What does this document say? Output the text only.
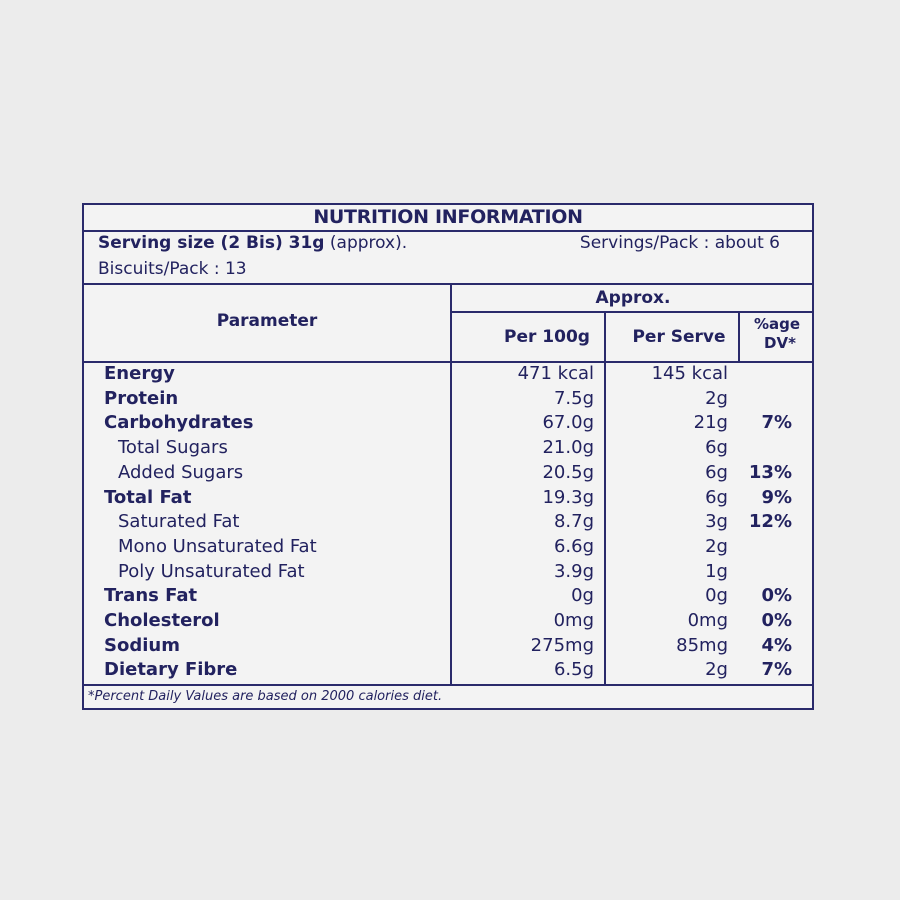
NUTRITION INFORMATION
Serving size (2 Bis) 31g (approx).	Servings/Pack : about 6
Biscuits/Pack : 13
Parameter
Approx.
Per 100g	Per Serve
%age
DV*
Energy	471 kcal	145 kcal
Protein	7.5g	2g
Carbohydrates	67.0g	21g 7%
Total Sugars	21.0g	6g
Added Sugars	20.5g	6g 13%
Total Fat	19.3g	6g 9%
Saturated Fat	8.7g	3g 12%
Mono Unsaturated Fat	6.6g	2g
Poly Unsaturated Fat	3.9g	1g
Trans Fat	0g	0g 0%
Cholesterol	0mg	0mg 0%
Sodium	275mg	85mg 4%
Dietary Fibre	6.5g	2g 7%
*Percent Daily Values are based on 2000 calories diet.
